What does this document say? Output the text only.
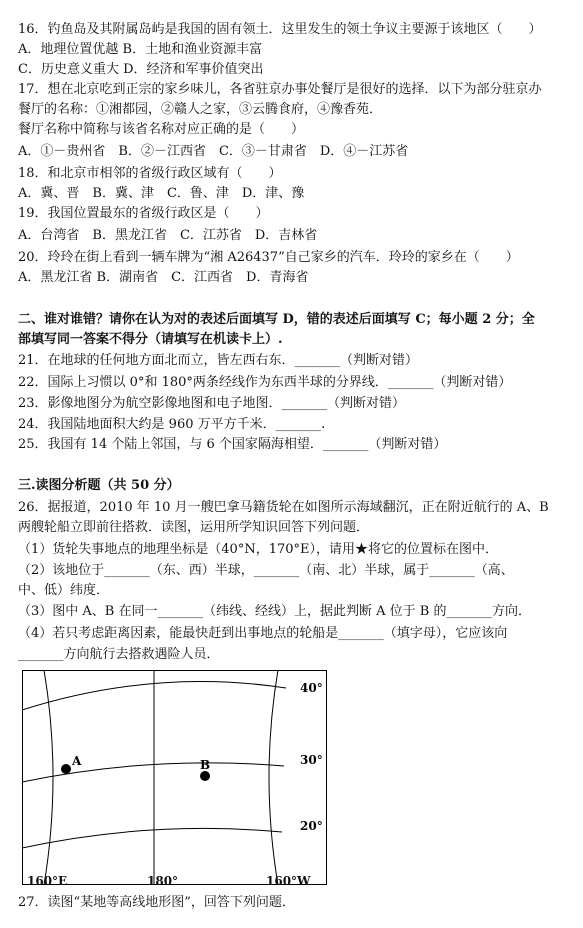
16．钓鱼岛及其附属岛屿是我国的固有领土．这里发生的领土争议主要源于该地区（　　）
A．地理位置优越 B．土地和渔业资源丰富
C．历史意义重大 D．经济和军事价值突出
17．想在北京吃到正宗的家乡味儿，各省驻京办事处餐厅是很好的选择．以下为部分驻京办
餐厅的名称：①湘都园，②赣人之家，③云腾食府，④豫香苑．
餐厅名称中简称与该省名称对应正确的是（　　）
A．①－贵州省　B．②－江西省　C．③－甘肃省　D．④－江苏省
18．和北京市相邻的省级行政区域有（　　）
A．冀、晋　B．冀、津　C．鲁、津　D．津、豫
19．我国位置最东的省级行政区是（　　）
A．台湾省　B．黑龙江省　C．江苏省　D．吉林省
20．玲玲在街上看到一辆车牌为“湘 A26437”自己家乡的汽车．玲玲的家乡在（　　）
A．黑龙江省 B．湖南省　C．江西省　D．青海省
二、谁对谁错？请你在认为对的表述后面填写 D，错的表述后面填写 C；每小题 2 分；全
部填写同一答案不得分（请填写在机读卡上）.
21．在地球的任何地方面北而立，皆左西右东．_______（判断对错）
22．国际上习惯以 0°和 180°两条经线作为东西半球的分界线．_______（判断对错）
23．影像地图分为航空影像地图和电子地图．_______（判断对错）
24．我国陆地面积大约是 960 万平方千米．_______.
25．我国有 14 个陆上邻国，与 6 个国家隔海相望．_______（判断对错）
三.读图分析题（共 50 分）
26．据报道，2010 年 10 月一艘巴拿马籍货轮在如图所示海域翻沉，正在附近航行的 A、B
两艘轮船立即前往搭救．读图，运用所学知识回答下列问题．
（1）货轮失事地点的地理坐标是（40°N，170°E），请用★将它的位置标在图中．
（2）该地位于_______（东、西）半球，_______（南、北）半球，属于_______（高、
中、低）纬度．
（3）图中 A、B 在同一_______（纬线、经线）上，据此判断 A 位于 B 的_______方向．
（4）若只考虑距离因素，能最快赶到出事地点的轮船是_______（填字母），它应该向
_______方向航行去搭救遇险人员．
A	B
40°
30°
20°
160°E	180°	160°W
27．读图“某地等高线地形图”，回答下列问题．
